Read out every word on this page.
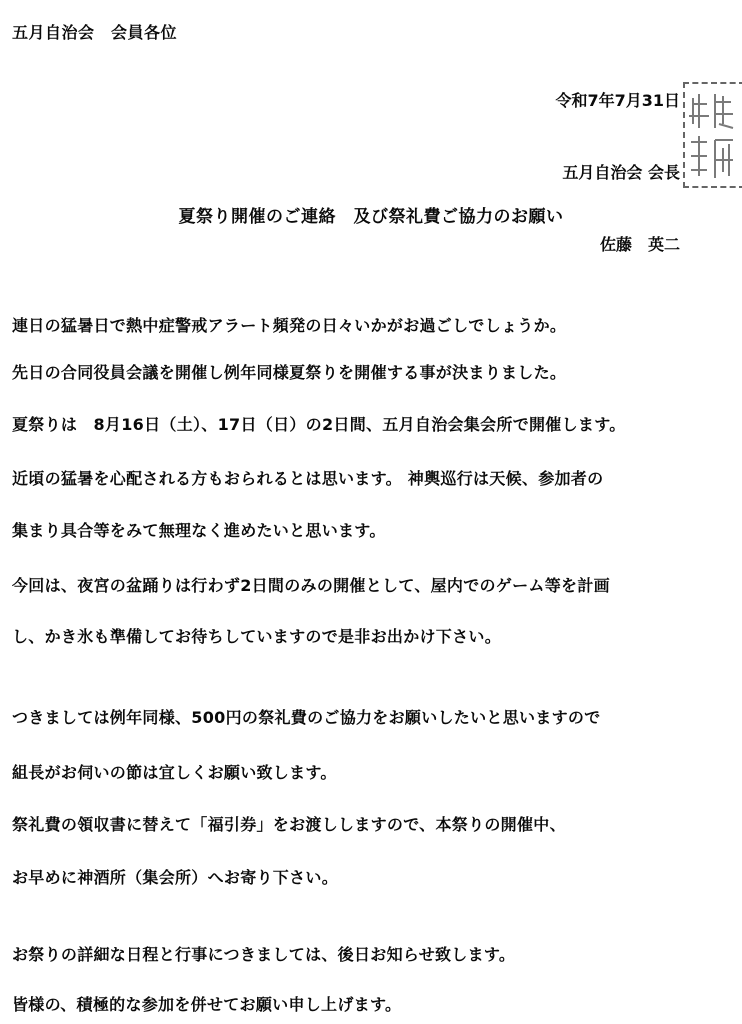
五月自治会　会員各位

令和7年7月31日

五月自治会 会長

佐藤　英二

夏祭り開催のご連絡　及び祭礼費ご協力のお願い
連日の猛暑日で熱中症警戒アラート頻発の日々いかがお過ごしでしょうか。
先日の合同役員会議を開催し例年同様夏祭りを開催する事が決まりました。
夏祭りは　8月16日（土）、17日（日）の2日間、五月自治会集会所で開催します。
近頃の猛暑を心配される方もおられるとは思います。 神輿巡行は天候、参加者の
集まり具合等をみて無理なく進めたいと思います。
今回は、夜宮の盆踊りは行わず2日間のみの開催として、屋内でのゲーム等を計画
し、かき氷も準備してお待ちしていますので是非お出かけ下さい。
つきましては例年同様、500円の祭礼費のご協力をお願いしたいと思いますので
組長がお伺いの節は宜しくお願い致します。
祭礼費の領収書に替えて「福引券」をお渡ししますので、本祭りの開催中、
お早めに神酒所（集会所）へお寄り下さい。
お祭りの詳細な日程と行事につきましては、後日お知らせ致します。
皆様の、積極的な参加を併せてお願い申し上げます。
